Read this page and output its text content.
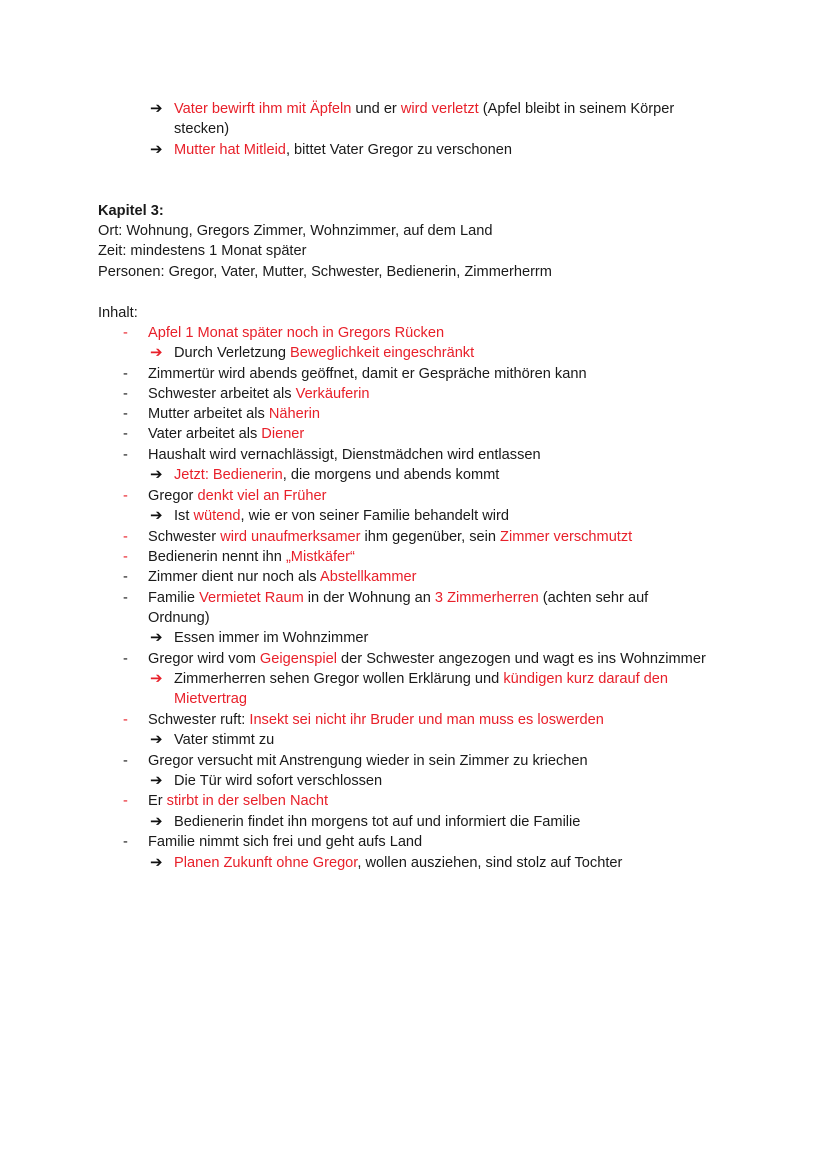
➔ Vater bewirft ihm mit Äpfeln und er wird verletzt (Apfel bleibt in seinem Körper
stecken)
➔ Mutter hat Mitleid, bittet Vater Gregor zu verschonen
Kapitel 3:
Ort: Wohnung, Gregors Zimmer, Wohnzimmer, auf dem Land
Zeit: mindestens 1 Monat später
Personen: Gregor, Vater, Mutter, Schwester, Bedienerin, Zimmerherrm
Inhalt:
- Apfel 1 Monat später noch in Gregors Rücken
➔ Durch Verletzung Beweglichkeit eingeschränkt
- Zimmertür wird abends geöffnet, damit er Gespräche mithören kann
- Schwester arbeitet als Verkäuferin
- Mutter arbeitet als Näherin
- Vater arbeitet als Diener
- Haushalt wird vernachlässigt, Dienstmädchen wird entlassen
➔ Jetzt: Bedienerin, die morgens und abends kommt
- Gregor denkt viel an Früher
➔ Ist wütend, wie er von seiner Familie behandelt wird
- Schwester wird unaufmerksamer ihm gegenüber, sein Zimmer verschmutzt
- Bedienerin nennt ihn „Mistkäfer“
- Zimmer dient nur noch als Abstellkammer
- Familie Vermietet Raum in der Wohnung an 3 Zimmerherren (achten sehr auf
Ordnung)
➔ Essen immer im Wohnzimmer
- Gregor wird vom Geigenspiel der Schwester angezogen und wagt es ins Wohnzimmer
➔ Zimmerherren sehen Gregor wollen Erklärung und kündigen kurz darauf den
Mietvertrag
- Schwester ruft: Insekt sei nicht ihr Bruder und man muss es loswerden
➔ Vater stimmt zu
- Gregor versucht mit Anstrengung wieder in sein Zimmer zu kriechen
➔ Die Tür wird sofort verschlossen
- Er stirbt in der selben Nacht
➔ Bedienerin findet ihn morgens tot auf und informiert die Familie
- Familie nimmt sich frei und geht aufs Land
➔ Planen Zukunft ohne Gregor, wollen ausziehen, sind stolz auf Tochter
